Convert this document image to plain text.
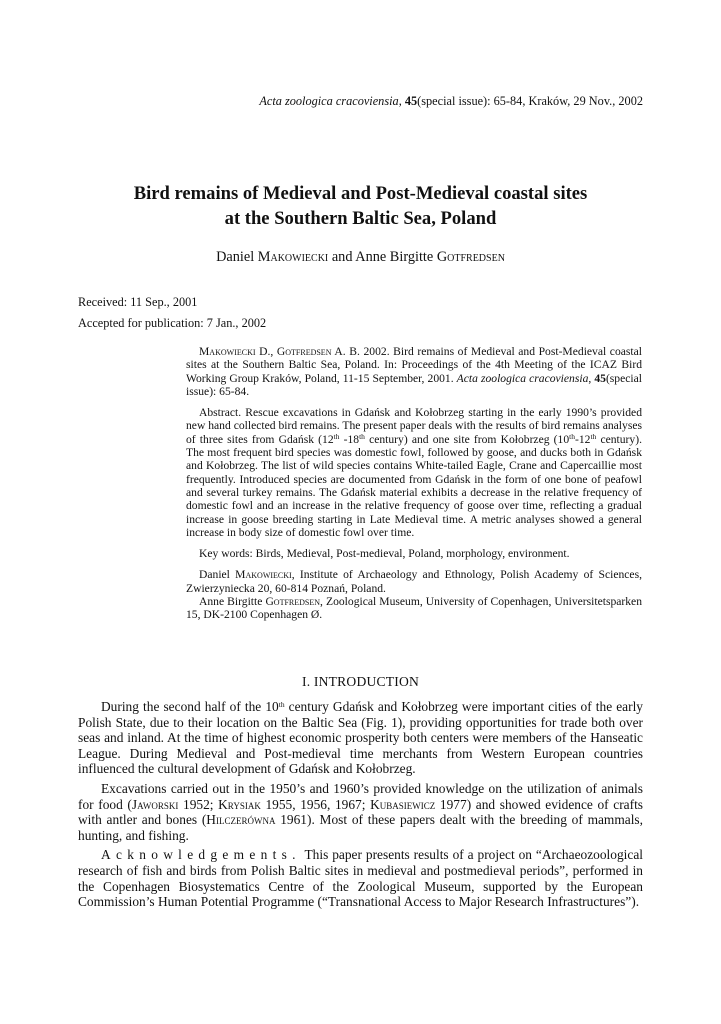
Acta zoologica cracoviensia, 45(special issue): 65-84, Kraków, 29 Nov., 2002
Bird remains of Medieval and Post-Medieval coastal sites
at the Southern Baltic Sea, Poland
Daniel Makowiecki and Anne Birgitte Gotfredsen
Received: 11 Sep., 2001
Accepted for publication: 7 Jan., 2002

Makowiecki D., Gotfredsen A. B. 2002. Bird remains of Medieval and Post-Medieval coastal sites at the Southern Baltic Sea, Poland. In: Proceedings of the 4th Meeting of the ICAZ Bird Working Group Kraków, Poland, 11-15 September, 2001. Acta zoologica cracoviensia, 45(special issue): 65-84.

Abstract. Rescue excavations in Gdańsk and Kołobrzeg starting in the early 1990’s provided new hand collected bird remains. The present paper deals with the results of bird remains analyses of three sites from Gdańsk (12th -18th century) and one site from Kołobrzeg (10th-12th century). The most frequent bird species was domestic fowl, followed by goose, and ducks both in Gdańsk and Kołobrzeg. The list of wild species contains White-tailed Eagle, Crane and Capercaillie most frequently. Introduced species are documented from Gdańsk in the form of one bone of peafowl and several turkey remains. The Gdańsk material exhibits a decrease in the relative frequency of domestic fowl and an increase in the relative frequency of goose over time, reflecting a gradual increase in goose breeding starting in Late Medieval time. A metric analyses showed a general increase in body size of domestic fowl over time.

Key words: Birds, Medieval, Post-medieval, Poland, morphology, environment.

Daniel Makowiecki, Institute of Archaeology and Ethnology, Polish Academy of Sciences, Zwierzyniecka 20, 60-814 Poznań, Poland.

Anne Birgitte Gotfredsen, Zoological Museum, University of Copenhagen, Universitetsparken 15, DK-2100 Copenhagen Ø.

I. INTRODUCTION

During the second half of the 10th century Gdańsk and Kołobrzeg were important cities of the early Polish State, due to their location on the Baltic Sea (Fig. 1), providing opportunities for trade both over seas and inland. At the time of highest economic prosperity both centers were members of the Hanseatic League. During Medieval and Post-medieval time merchants from Western European countries influenced the cultural development of Gdańsk and Kołobrzeg.

Excavations carried out in the 1950’s and 1960’s provided knowledge on the utilization of animals for food (Jaworski 1952; Krysiak 1955, 1956, 1967; Kubasiewicz 1977) and showed evidence of crafts with antler and bones (Hilczerówna 1961). Most of these papers dealt with the breeding of mammals, hunting, and fishing.

Acknowledgements. This paper presents results of a project on “Archaeozoological research of fish and birds from Polish Baltic sites in medieval and postmedieval periods”, performed in the Copenhagen Biosystematics Centre of the Zoological Museum, supported by the European Commission’s Human Potential Programme (“Transnational Access to Major Research Infrastructures”).
